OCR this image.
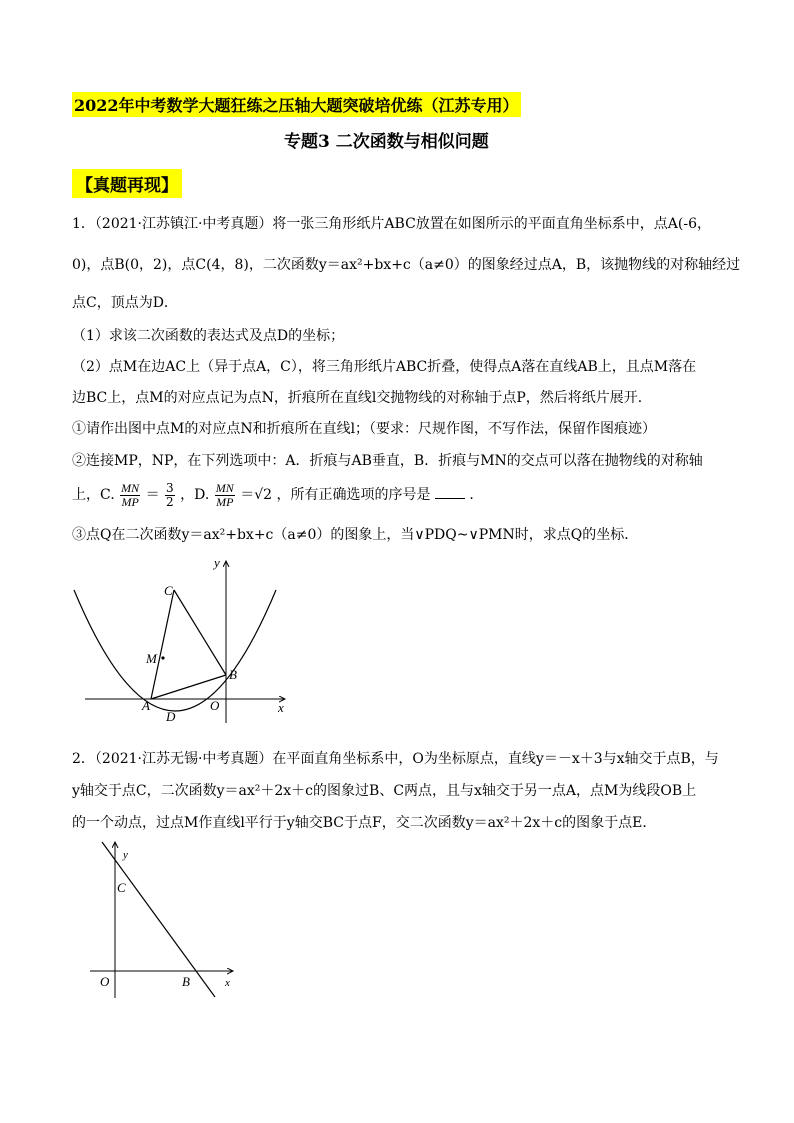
2022年中考数学大题狂练之压轴大题突破培优练（江苏专用）
专题3 二次函数与相似问题
【真题再现】
1．（2021·江苏镇江·中考真题）将一张三角形纸片ABC放置在如图所示的平面直角坐标系中，点A(-6，
0)，点B(0，2)，点C(4，8)，二次函数y＝ax²+bx+c（a≠0）的图象经过点A，B，该抛物线的对称轴经过
点C，顶点为D．
（1）求该二次函数的表达式及点D的坐标；
（2）点M在边AC上（异于点A，C），将三角形纸片ABC折叠，使得点A落在直线AB上，且点M落在
边BC上，点M的对应点记为点N，折痕所在直线l交抛物线的对称轴于点P，然后将纸片展开．
①请作出图中点M的对应点N和折痕所在直线l；（要求：尺规作图，不写作法，保留作图痕迹）
②连接MP，NP，在下列选项中：A．折痕与AB垂直，B．折痕与MN的交点可以落在抛物线的对称轴
上，C. $\frac{MN}{MP} = \frac{3}{2}$ ，D. $\frac{MN}{MP} =√2$ ，所有正确选项的序号是	．
③点Q在二次函数y＝ax²+bx+c（a≠0）的图象上，当∨PDQ~∨PMN时，求点Q的坐标．
y
x
C
M
B
A
D
O
2．（2021·江苏无锡·中考真题）在平面直角坐标系中，O为坐标原点，直线y＝－x＋3与x轴交于点B，与
y轴交于点C，二次函数y＝ax²＋2x＋c的图象过B、C两点，且与x轴交于另一点A，点M为线段OB上
的一个动点，过点M作直线l平行于y轴交BC于点F，交二次函数y＝ax²＋2x＋c的图象于点E．
y
x
C
O	B
